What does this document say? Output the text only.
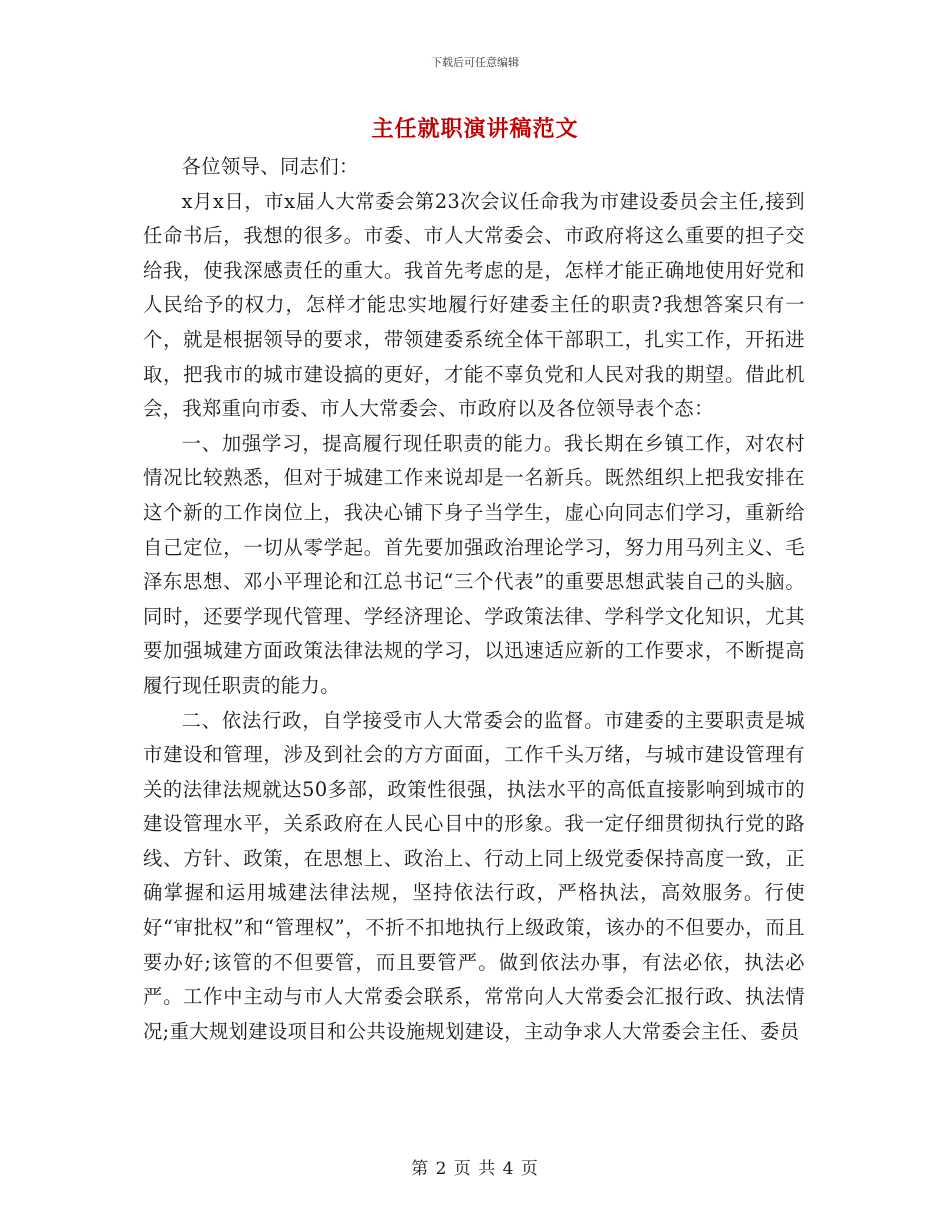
下载后可任意编辑
主任就职演讲稿范文

各位领导、同志们：

x月x日，市x届人大常委会第23次会议任命我为市建设委员会主任,接到任命书后，我想的很多。市委、市人大常委会、市政府将这么重要的担子交给我，使我深感责任的重大。我首先考虑的是，怎样才能正确地使用好党和人民给予的权力，怎样才能忠实地履行好建委主任的职责?我想答案只有一个，就是根据领导的要求，带领建委系统全体干部职工，扎实工作，开拓进取，把我市的城市建设搞的更好，才能不辜负党和人民对我的期望。借此机会，我郑重向市委、市人大常委会、市政府以及各位领导表个态：

一、加强学习，提高履行现任职责的能力。我长期在乡镇工作，对农村情况比较熟悉，但对于城建工作来说却是一名新兵。既然组织上把我安排在这个新的工作岗位上，我决心铺下身子当学生，虚心向同志们学习，重新给自己定位，一切从零学起。首先要加强政治理论学习，努力用马列主义、毛泽东思想、邓小平理论和江总书记“三个代表”的重要思想武装自己的头脑。同时，还要学现代管理、学经济理论、学政策法律、学科学文化知识，尤其要加强城建方面政策法律法规的学习，以迅速适应新的工作要求，不断提高履行现任职责的能力。

二、依法行政，自学接受市人大常委会的监督。市建委的主要职责是城市建设和管理，涉及到社会的方方面面，工作千头万绪，与城市建设管理有关的法律法规就达50多部，政策性很强，执法水平的高低直接影响到城市的建设管理水平，关系政府在人民心目中的形象。我一定仔细贯彻执行党的路线、方针、政策，在思想上、政治上、行动上同上级党委保持高度一致，正确掌握和运用城建法律法规，坚持依法行政，严格执法，高效服务。行使好“审批权”和“管理权”，不折不扣地执行上级政策，该办的不但要办，而且要办好;该管的不但要管，而且要管严。做到依法办事，有法必依，执法必严。工作中主动与市人大常委会联系，常常向人大常委会汇报行政、执法情况;重大规划建设项目和公共设施规划建设，主动争求人大常委会主任、委员

第 2 页 共 4 页
